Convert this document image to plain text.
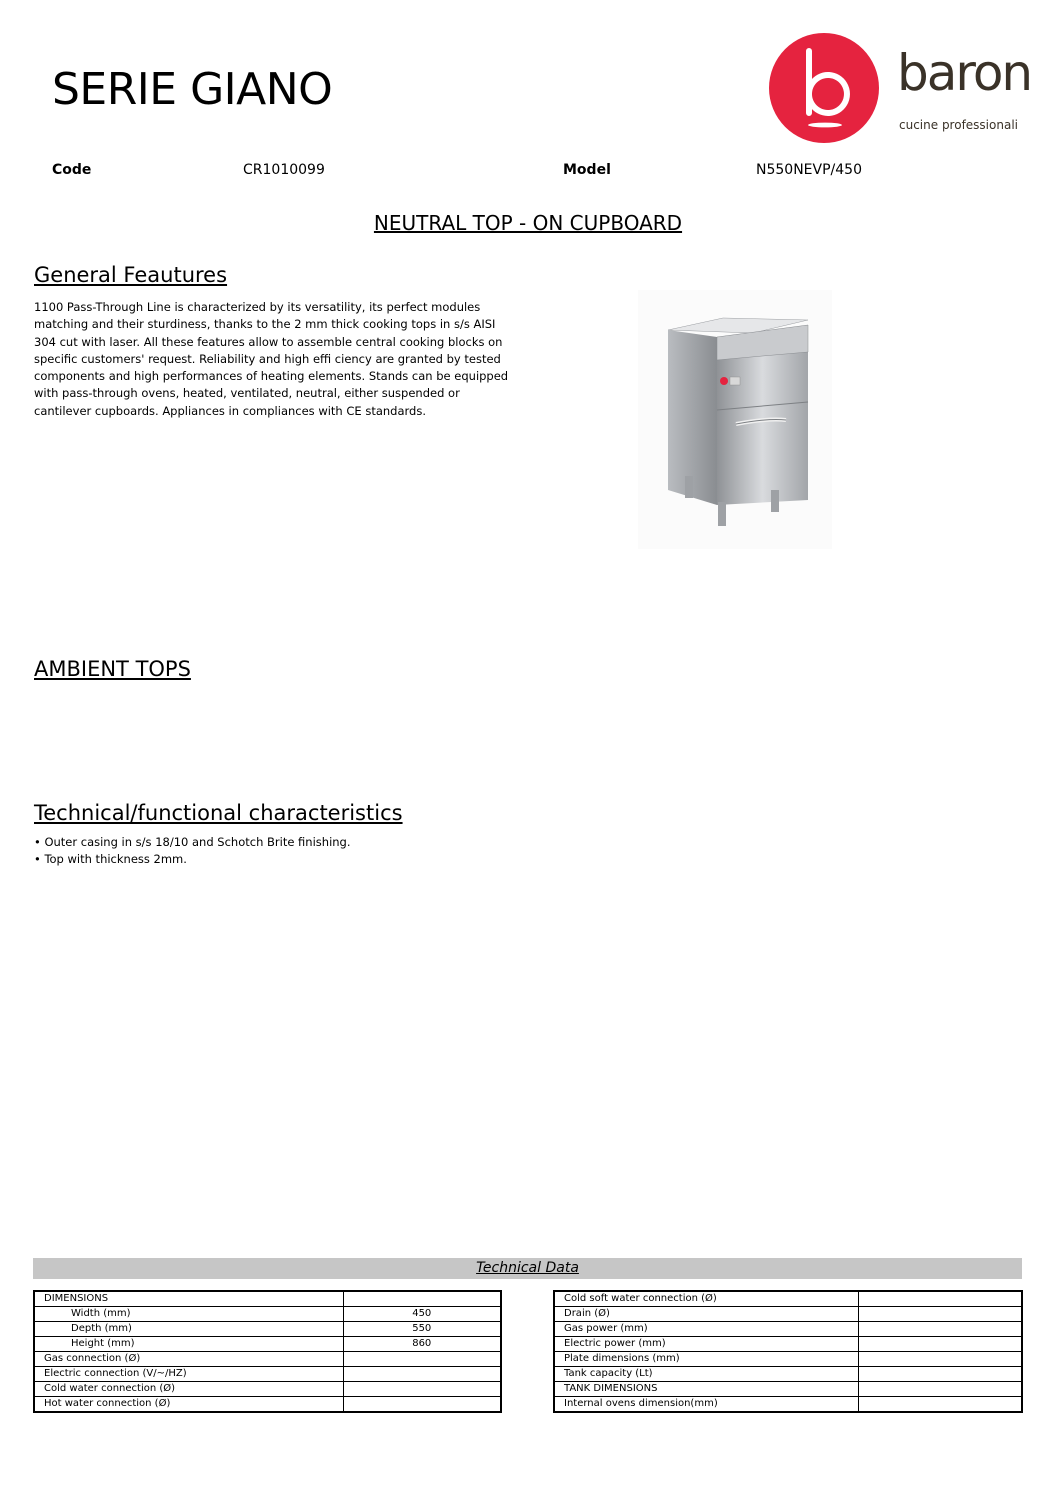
SERIE GIANO	baron
cucine professionali
Code	CR1010099	Model	N550NEVP/450
NEUTRAL TOP - ON CUPBOARD
General Feautures
1100 Pass-Through Line is characterized by its versatility, its perfect modules matching and their sturdiness, thanks to the 2 mm thick cooking tops in s/s AISI 304 cut with laser. All these features allow to assemble central cooking blocks on specific customers' request. Reliability and high effi ciency are granted by tested components and high performances of heating elements. Stands can be equipped with pass-through ovens, heated, ventilated, neutral, either suspended or cantilever cupboards. Appliances in compliances with CE standards.
AMBIENT TOPS
Technical/functional characteristics
• Outer casing in s/s 18/10 and Schotch Brite finishing.
• Top with thickness 2mm.
Technical Data
DIMENSIONS	
Width (mm)	450
Depth (mm)	550
Height (mm)	860
Gas connection (Ø)	
Electric connection (V/~/HZ)	
Cold water connection (Ø)	
Hot water connection (Ø)	
Cold soft water connection (Ø)	
Drain (Ø)	
Gas power (mm)	
Electric power (mm)	
Plate dimensions (mm)	
Tank capacity (Lt)	
TANK DIMENSIONS	
Internal ovens dimension(mm)	
